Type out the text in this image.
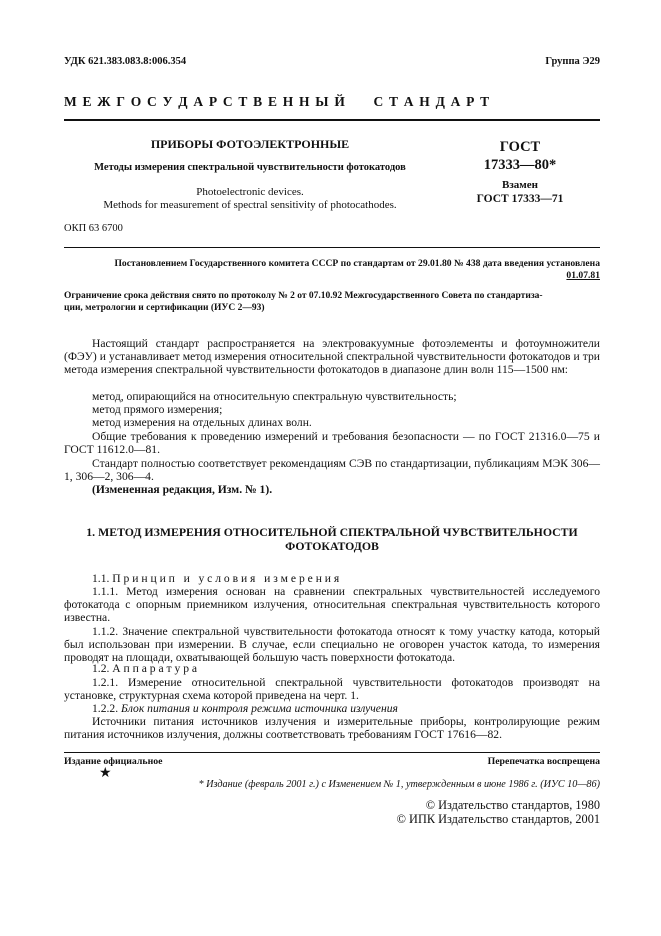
УДК 621.383.083.8:006.354	Группа Э29
М Е Ж Г О С У Д А Р С Т В Е Н Н Ы Й      С Т А Н Д А Р Т
ПРИБОРЫ ФОТОЭЛЕКТРОННЫЕ
Методы измерения спектральной чувствительности фотокатодов
Photoelectronic devices.
Methods for measurement of spectral sensitivity of photocathodes.
ГОСТ
17333—80*
Взамен
ГОСТ 17333—71
ОКП 63 6700
Постановлением Государственного комитета СССР по стандартам от 29.01.80 № 438 дата введения установлена
01.07.81
Ограничение срока действия снято по протоколу № 2 от 07.10.92 Межгосударственного Совета по стандартиза-
ции, метрологии и сертификации (ИУС 2—93)
Настоящий стандарт распространяется на электровакуумные фотоэлементы и фотоумножители (ФЭУ) и устанавливает метод измерения относительной спектральной чувствительности фотокатодов и три метода измерения спектральной чувствительности фотокатодов в диапазоне длин волн 115—1500 нм:
метод, опирающийся на относительную спектральную чувствительность;
метод прямого измерения;
метод измерения на отдельных длинах волн.
Общие требования к проведению измерений и требования безопасности — по ГОСТ 21316.0—75 и ГОСТ 11612.0—81.
Стандарт полностью соответствует рекомендациям СЭВ по стандартизации, публикациям МЭК 306—1, 306—2, 306—4.
(Измененная редакция, Изм. № 1).
1. МЕТОД ИЗМЕРЕНИЯ ОТНОСИТЕЛЬНОЙ СПЕКТРАЛЬНОЙ ЧУВСТВИТЕЛЬНОСТИ
ФОТОКАТОДОВ
1.1. П р и н ц и п   и   у с л о в и я   и з м е р е н и я
1.1.1. Метод измерения основан на сравнении спектральных чувствительностей исследуемого фотокатода с опорным приемником излучения, относительная спектральная чувствительность которого известна.
1.1.2. Значение спектральной чувствительности фотокатода относят к тому участку катода, который был использован при измерении. В случае, если специально не оговорен участок катода, то измерения проводят на площади, охватывающей большую часть поверхности фотокатода.
1.2. А п п а р а т у р а
1.2.1. Измерение относительной спектральной чувствительности фотокатодов производят на установке, структурная схема которой приведена на черт. 1.
1.2.2. Блок питания и контроля режима источника излучения
Источники питания источников излучения и измерительные приборы, контролирующие режим питания источников излучения, должны соответствовать требованиям ГОСТ 17616—82.
Издание официальное	Перепечатка воспрещена
★
* Издание (февраль 2001 г.) с Изменением № 1, утвержденным в июне 1986 г. (ИУС 10—86)
© Издательство стандартов, 1980
© ИПК Издательство стандартов, 2001
